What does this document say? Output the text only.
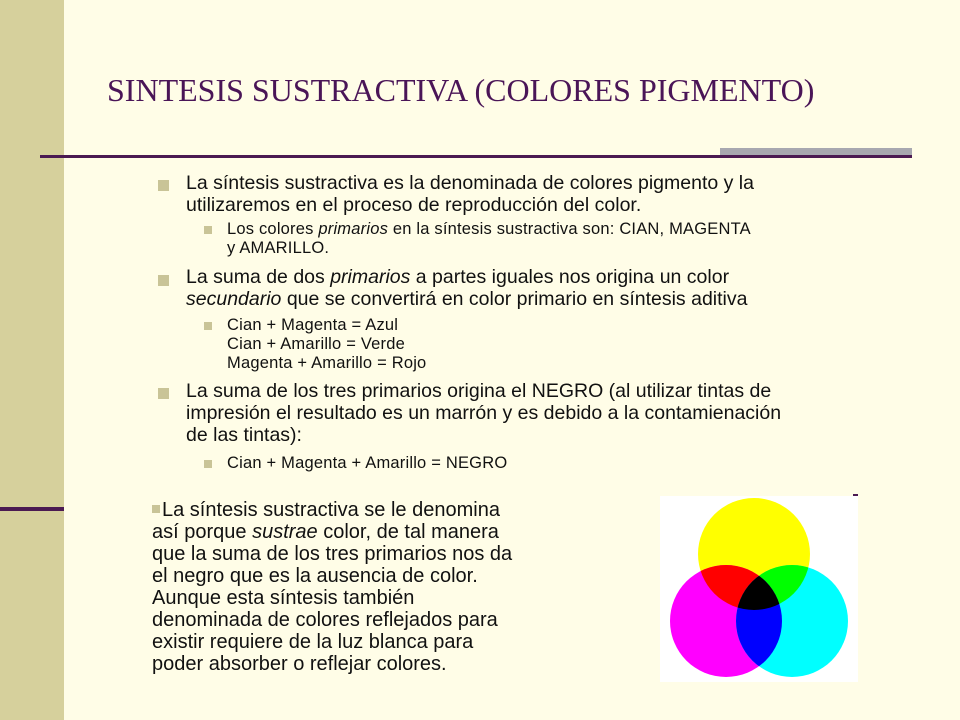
SINTESIS SUSTRACTIVA (COLORES PIGMENTO)
La síntesis sustractiva es la denominada de colores pigmento y la
utilizaremos en el proceso de reproducción del color.
Los colores primarios en la síntesis sustractiva son: CIAN, MAGENTA
y AMARILLO.
La suma de dos primarios a partes iguales nos origina un color
secundario que se convertirá en color primario en síntesis aditiva
Cian + Magenta = Azul
Cian + Amarillo = Verde
Magenta + Amarillo = Rojo
La suma de los tres primarios origina el NEGRO (al utilizar tintas de
impresión el resultado es un marrón y es debido a la contamienación
de las tintas):
Cian + Magenta + Amarillo = NEGRO
La síntesis sustractiva se le denomina
así porque sustrae color, de tal manera
que la suma de los tres primarios nos da
el negro que es la ausencia de color.
Aunque esta síntesis también
denominada de colores reflejados para
existir requiere de la luz blanca para
poder absorber o reflejar colores.
